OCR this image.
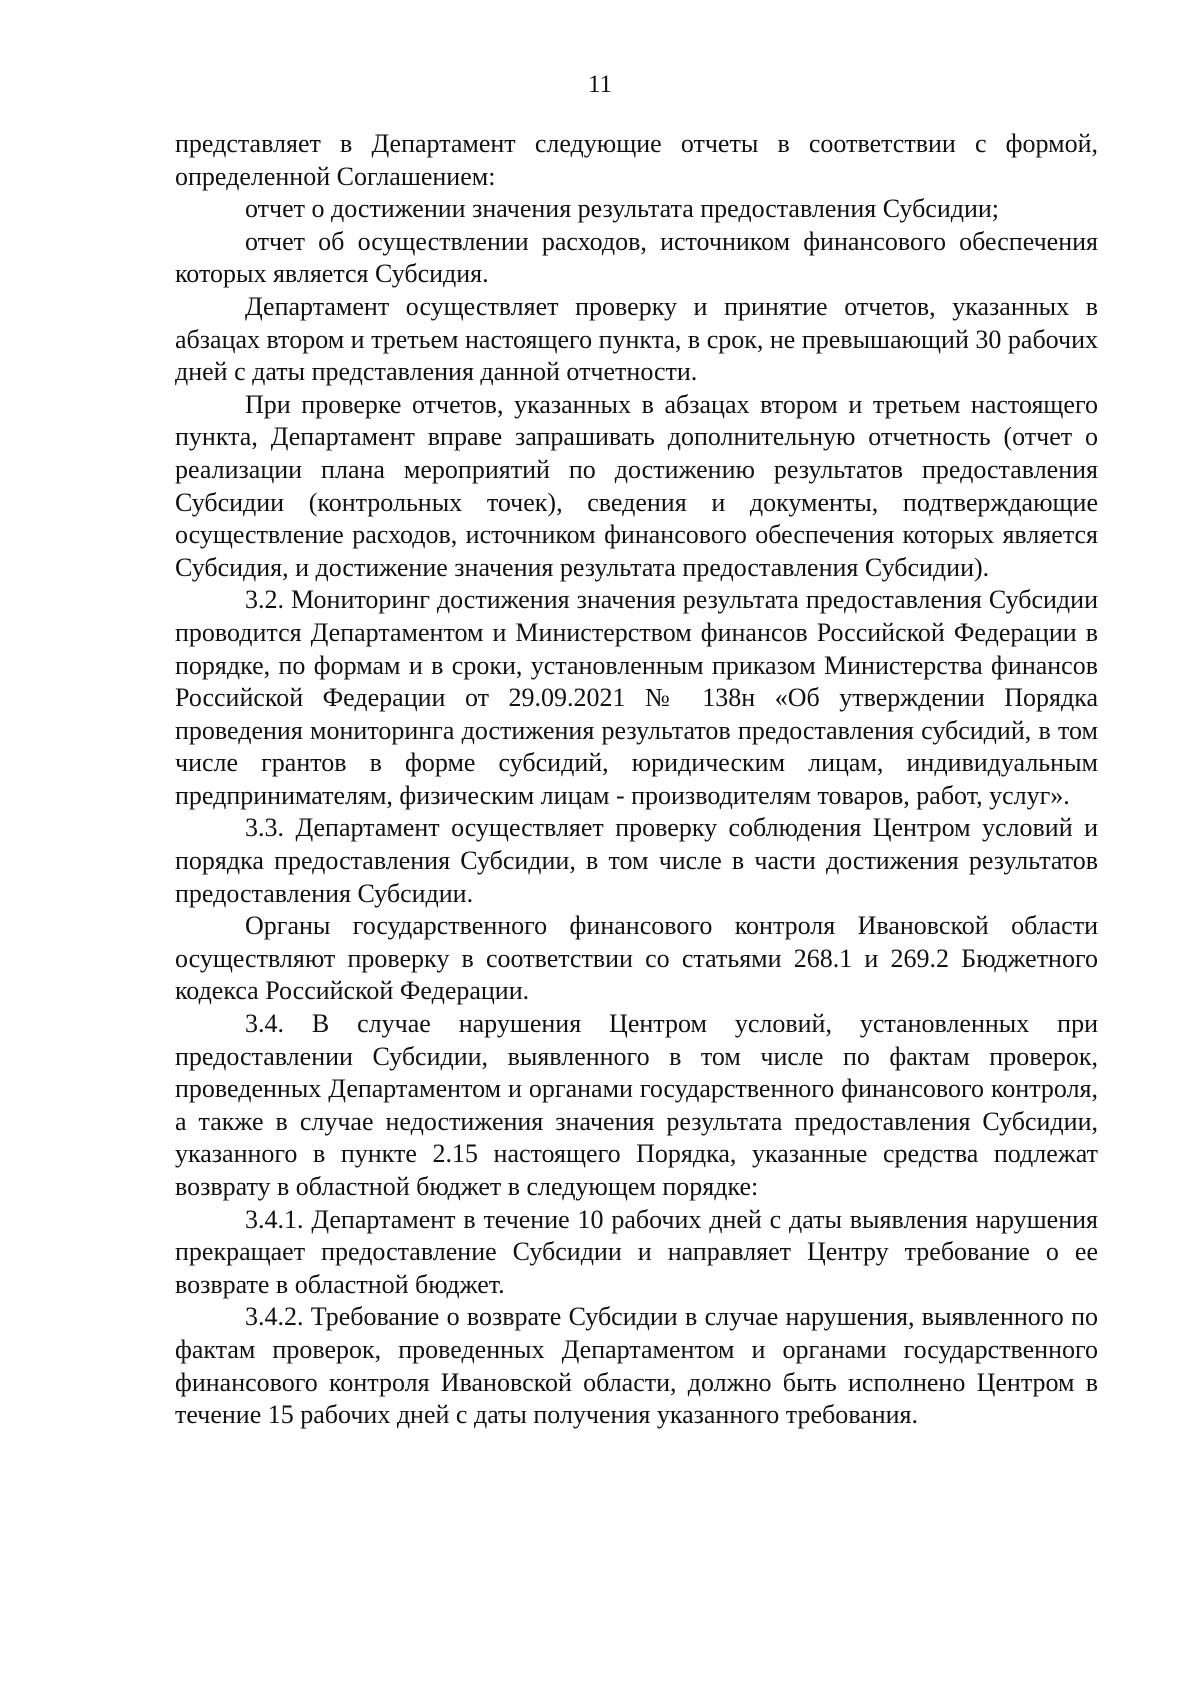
11

представляет в Департамент следующие отчеты в соответствии с формой, определенной Соглашением:

отчет о достижении значения результата предоставления Субсидии;

отчет об осуществлении расходов, источником финансового обеспечения которых является Субсидия.

Департамент осуществляет проверку и принятие отчетов, указанных в абзацах втором и третьем настоящего пункта, в срок, не превышающий 30 рабочих дней с даты представления данной отчетности.

При проверке отчетов, указанных в абзацах втором и третьем настоящего пункта, Департамент вправе запрашивать дополнительную отчетность (отчет о реализации плана мероприятий по достижению результатов предоставления Субсидии (контрольных точек), сведения и документы, подтверждающие осуществление расходов, источником финансового обеспечения которых является Субсидия, и достижение значения результата предоставления Субсидии).

3.2. Мониторинг достижения значения результата предоставления Субсидии проводится Департаментом и Министерством финансов Российской Федерации в порядке, по формам и в сроки, установленным приказом Министерства финансов Российской Федерации от 29.09.2021 № 138н «Об утверждении Порядка проведения мониторинга достижения результатов предоставления субсидий, в том числе грантов в форме субсидий, юридическим лицам, индивидуальным предпринимателям, физическим лицам - производителям товаров, работ, услуг».

3.3. Департамент осуществляет проверку соблюдения Центром условий и порядка предоставления Субсидии, в том числе в части достижения результатов предоставления Субсидии.

Органы государственного финансового контроля Ивановской области осуществляют проверку в соответствии со статьями 268.1 и 269.2 Бюджетного кодекса Российской Федерации.

3.4. В случае нарушения Центром условий, установленных при предоставлении Субсидии, выявленного в том числе по фактам проверок, проведенных Департаментом и органами государственного финансового контроля, а также в случае недостижения значения результата предоставления Субсидии, указанного в пункте 2.15 настоящего Порядка, указанные средства подлежат возврату в областной бюджет в следующем порядке:

3.4.1. Департамент в течение 10 рабочих дней с даты выявления нарушения прекращает предоставление Субсидии и направляет Центру требование о ее возврате в областной бюджет.

3.4.2. Требование о возврате Субсидии в случае нарушения, выявленного по фактам проверок, проведенных Департаментом и органами государственного финансового контроля Ивановской области, должно быть исполнено Центром в течение 15 рабочих дней с даты получения указанного требования.
